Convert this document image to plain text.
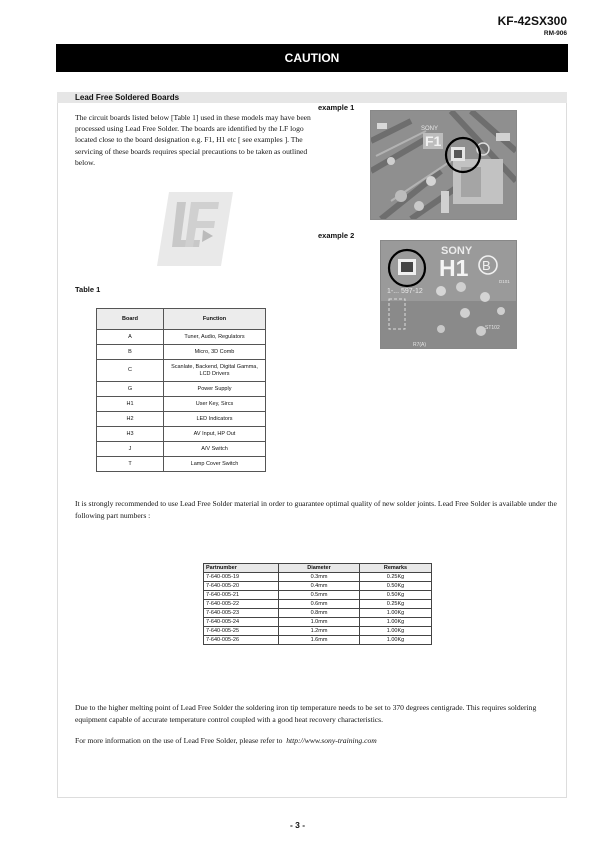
KF-42SX300
RM-906
CAUTION
Lead Free Soldered Boards
The circuit boards listed below [Table 1] used in these models may have been processed using Lead Free Solder. The boards are identified by the LF logo located close to the board designation e.g. F1, H1 etc [ see examples ]. The servicing of these boards requires special precautions to be taken as outlined below.
example 1
F1
SONY
example 2
SONY
H1 B
1-... 597-12
D101
ST102
R7(A)
Table 1
Board	Function
A	Tuner, Audio, Regulators
B	Micro, 3D Comb
C	Scanlate, Backend, Digital Gamma, LCD Drivers
G	Power Supply
H1	User Key, Sircs
H2	LED Indicators
H3	AV Input, HP Out
J	A/V Switch
T	Lamp Cover Switch
It is strongly recommended to use Lead Free Solder material in order to guarantee optimal quality of new solder joints. Lead Free Solder is available under the following part numbers :
Partnumber	Diameter	Remarks
7-640-005-19	0.3mm	0.25Kg
7-640-005-20	0.4mm	0.50Kg
7-640-005-21	0.5mm	0.50Kg
7-640-005-22	0.6mm	0.25Kg
7-640-005-23	0.8mm	1.00Kg
7-640-005-24	1.0mm	1.00Kg
7-640-005-25	1.2mm	1.00Kg
7-640-005-26	1.6mm	1.00Kg
Due to the higher melting point of Lead Free Solder the soldering iron tip temperature needs to be set to 370 degrees centigrade. This requires soldering equipment capable of accurate temperature control coupled with a good heat recovery characteristics.
For more information on the use of Lead Free Solder, please refer to http://www.sony-training.com
- 3 -
